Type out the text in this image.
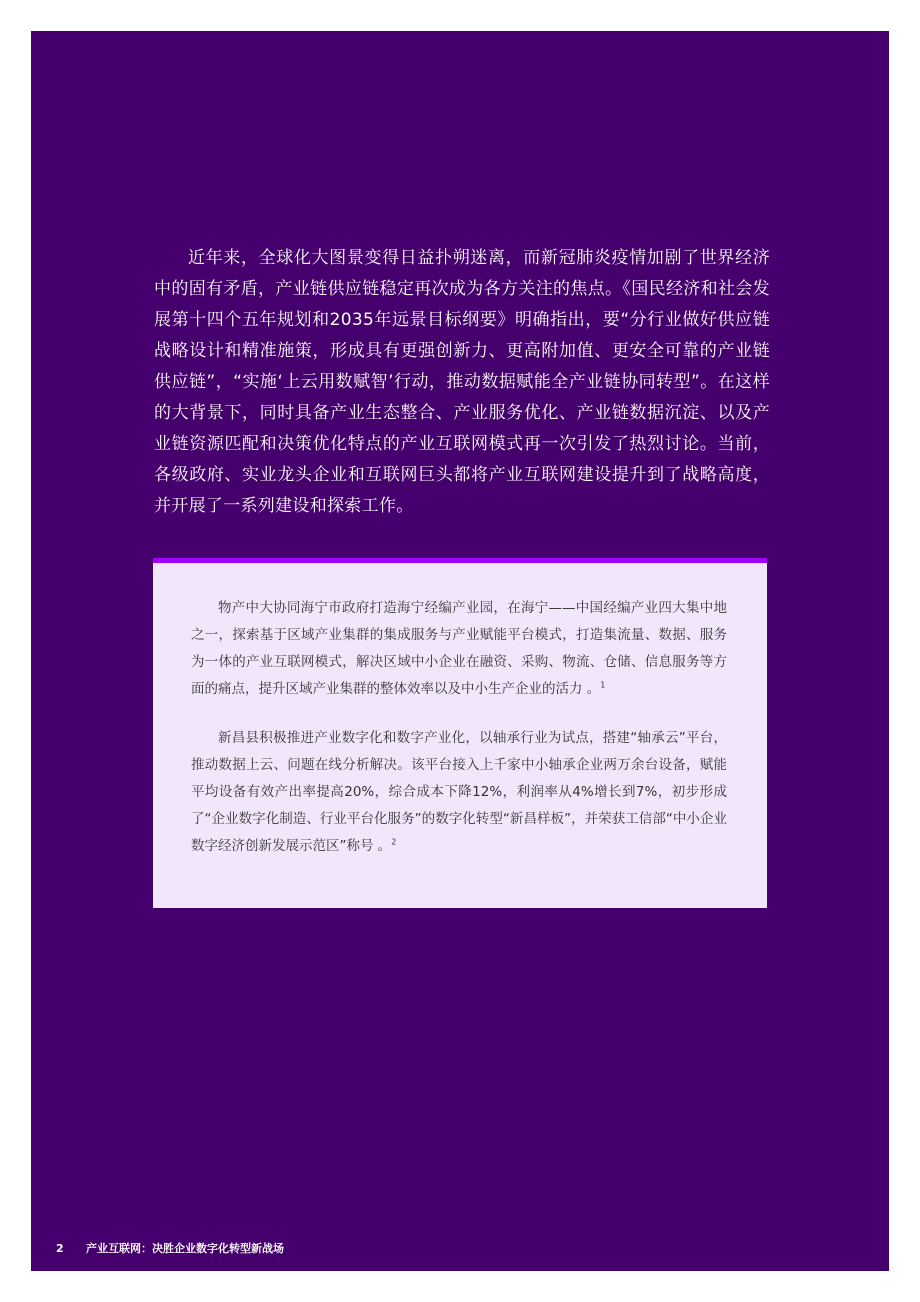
近年来，全球化大图景变得日益扑朔迷离，而新冠肺炎疫情加剧了世界经济中的固有矛盾，产业链供应链稳定再次成为各方关注的焦点。《国民经济和社会发展第十四个五年规划和2035年远景目标纲要》明确指出，要“分行业做好供应链战略设计和精准施策，形成具有更强创新力、更高附加值、更安全可靠的产业链供应链”，“实施‘上云用数赋智’行动，推动数据赋能全产业链协同转型”。在这样的大背景下，同时具备产业生态整合、产业服务优化、产业链数据沉淀、以及产业链资源匹配和决策优化特点的产业互联网模式再一次引发了热烈讨论。当前，各级政府、实业龙头企业和互联网巨头都将产业互联网建设提升到了战略高度，并开展了一系列建设和探索工作。

物产中大协同海宁市政府打造海宁经编产业园，在海宁——中国经编产业四大集中地之一，探索基于区域产业集群的集成服务与产业赋能平台模式，打造集流量、数据、服务为一体的产业互联网模式，解决区域中小企业在融资、采购、物流、仓储、信息服务等方面的痛点，提升区域产业集群的整体效率以及中小生产企业的活力 。$^1$

新昌县积极推进产业数字化和数字产业化，以轴承行业为试点，搭建“轴承云”平台，推动数据上云、问题在线分析解决。该平台接入上千家中小轴承企业两万余台设备，赋能平均设备有效产出率提高20%，综合成本下降12%，利润率从4%增长到7%，初步形成了“企业数字化制造、行业平台化服务”的数字化转型“新昌样板”，并荣获工信部“中小企业数字经济创新发展示范区”称号 。$^2$

2 产业互联网：决胜企业数字化转型新战场
